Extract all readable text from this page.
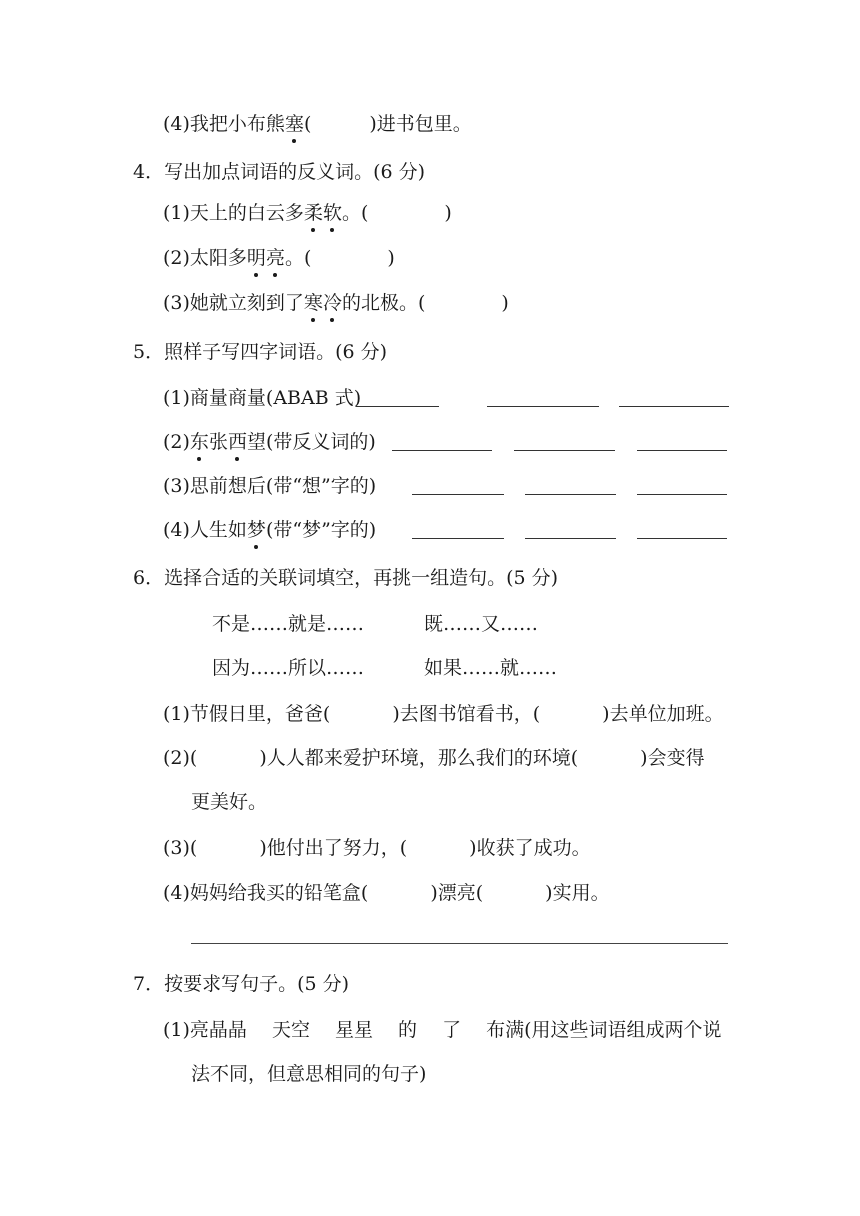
(4)我把小布熊塞(	)进书包里。
4．写出加点词语的反义词。(6 分)
(1)天上的白云多柔软。(	)
(2)太阳多明亮。(	)
(3)她就立刻到了寒冷的北极。(	)
5．照样子写四字词语。(6 分)
(1)商量商量(ABAB 式)
(2)东张西望(带反义词的)
(3)思前想后(带“想”字的)
(4)人生如梦(带“梦”字的)
6．选择合适的关联词填空，再挑一组造句。(5 分)
不是……就是……	既……又……
因为……所以……	如果……就……
(1)节假日里，爸爸(	)去图书馆看书，(	)去单位加班。
(2)(	)人人都来爱护环境，那么我们的环境(	)会变得
更美好。
(3)(	)他付出了努力，(	)收获了成功。
(4)妈妈给我买的铅笔盒(	)漂亮(	)实用。
7．按要求写句子。(5 分)
(1)亮晶晶　 天空　 星星　 的　 了　 布满(用这些词语组成两个说
法不同，但意思相同的句子)
